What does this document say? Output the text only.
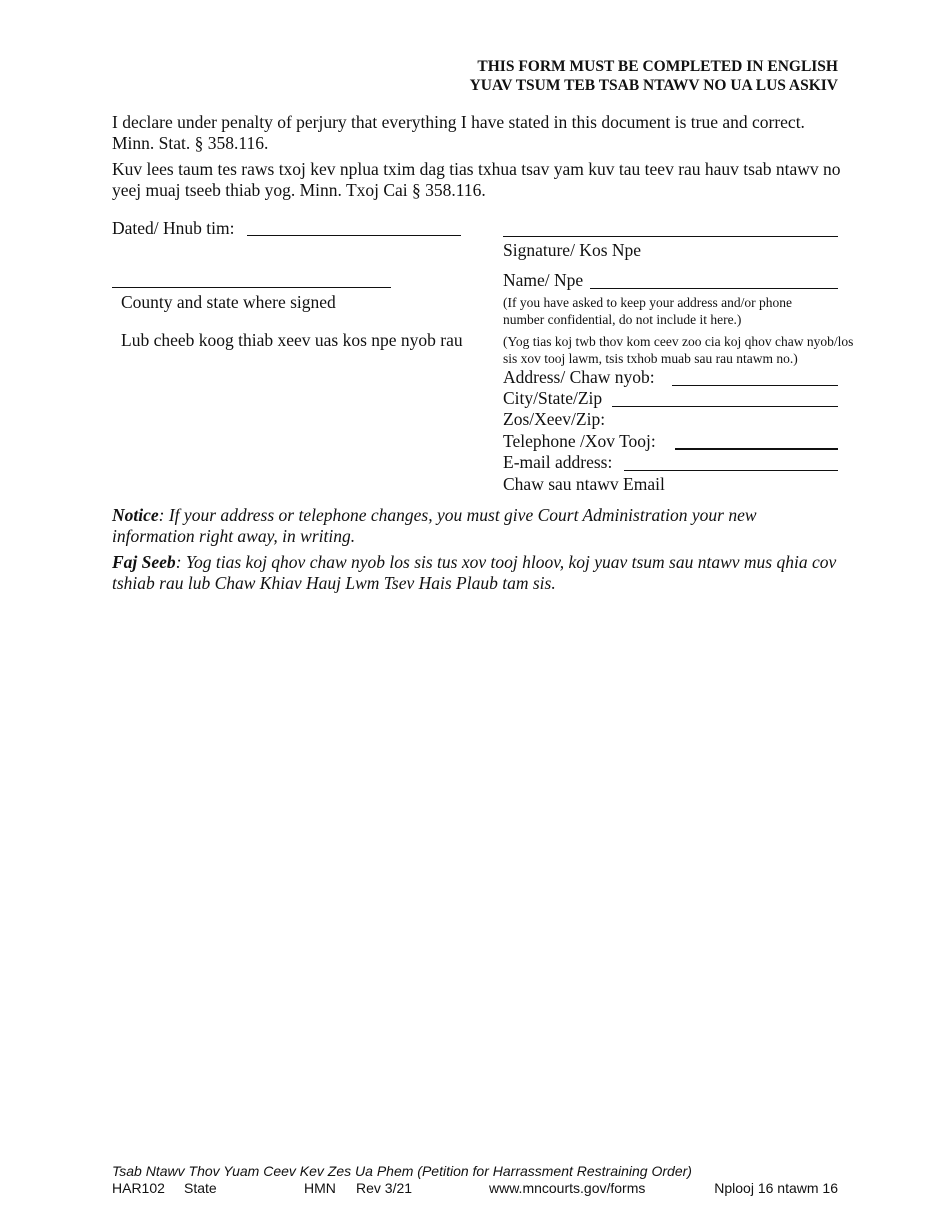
THIS FORM MUST BE COMPLETED IN ENGLISH
YUAV TSUM TEB TSAB NTAWV NO UA LUS ASKIV
I declare under penalty of perjury that everything I have stated in this document is true and correct. Minn. Stat. § 358.116.
Kuv lees taum tes raws txoj kev nplua txim dag tias txhua tsav yam kuv tau teev rau hauv tsab ntawv no yeej muaj tseeb thiab yog. Minn. Txoj Cai § 358.116.
Dated/ Hnub tim:
Signature/ Kos Npe
Name/ Npe
County and state where signed
Lub cheeb koog thiab xeev uas kos npe nyob rau
(If you have asked to keep your address and/or phone number confidential, do not include it here.)
(Yog tias koj twb thov kom ceev zoo cia koj qhov chaw nyob/los sis xov tooj lawm, tsis txhob muab sau rau ntawm no.)
Address/ Chaw nyob:
City/State/Zip
Zos/Xeev/Zip:
Telephone /Xov Tooj:
E-mail address:
Chaw sau ntawv Email
Notice: If your address or telephone changes, you must give Court Administration your new information right away, in writing.
Faj Seeb: Yog tias koj qhov chaw nyob los sis tus xov tooj hloov, koj yuav tsum sau ntawv mus qhia cov tshiab rau lub Chaw Khiav Hauj Lwm Tsev Hais Plaub tam sis.
Tsab Ntawv Thov Yuam Ceev Kev Zes Ua Phem (Petition for Harrassment Restraining Order)
HAR102 State	HMN Rev 3/21	www.mncourts.gov/forms	Nplooj 16 ntawm 16
